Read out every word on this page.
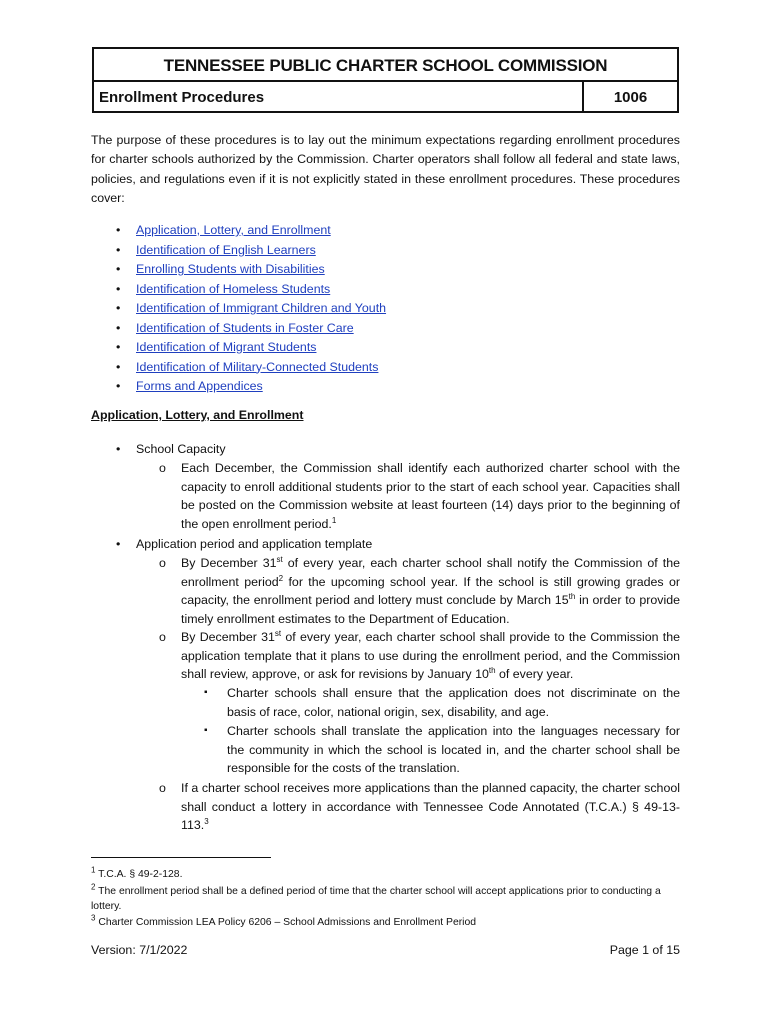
TENNESSEE PUBLIC CHARTER SCHOOL COMMISSION
Enrollment Procedures	1006
The purpose of these procedures is to lay out the minimum expectations regarding enrollment procedures for charter schools authorized by the Commission. Charter operators shall follow all federal and state laws, policies, and regulations even if it is not explicitly stated in these enrollment procedures. These procedures cover:
• Application, Lottery, and Enrollment
• Identification of English Learners
• Enrolling Students with Disabilities
• Identification of Homeless Students
• Identification of Immigrant Children and Youth
• Identification of Students in Foster Care
• Identification of Migrant Students
• Identification of Military-Connected Students
• Forms and Appendices
Application, Lottery, and Enrollment
• School Capacity
o Each December, the Commission shall identify each authorized charter school with the capacity to enroll additional students prior to the start of each school year. Capacities shall be posted on the Commission website at least fourteen (14) days prior to the beginning of the open enrollment period.$^1$
• Application period and application template
o By December 31st of every year, each charter school shall notify the Commission of the enrollment period$^2$ for the upcoming school year. If the school is still growing grades or capacity, the enrollment period and lottery must conclude by March 15th in order to provide timely enrollment estimates to the Department of Education.
o By December 31st of every year, each charter school shall provide to the Commission the application template that it plans to use during the enrollment period, and the Commission shall review, approve, or ask for revisions by January 10th of every year.
▪ Charter schools shall ensure that the application does not discriminate on the basis of race, color, national origin, sex, disability, and age.
▪ Charter schools shall translate the application into the languages necessary for the community in which the school is located in, and the charter school shall be responsible for the costs of the translation.
o If a charter school receives more applications than the planned capacity, the charter school shall conduct a lottery in accordance with Tennessee Code Annotated (T.C.A.) § 49-13-113.$^3$
$^1$ T.C.A. § 49-2-128.
$^2$ The enrollment period shall be a defined period of time that the charter school will accept applications prior to conducting a lottery.
$^3$ Charter Commission LEA Policy 6206 – School Admissions and Enrollment Period
Version: 7/1/2022	Page 1 of 15
